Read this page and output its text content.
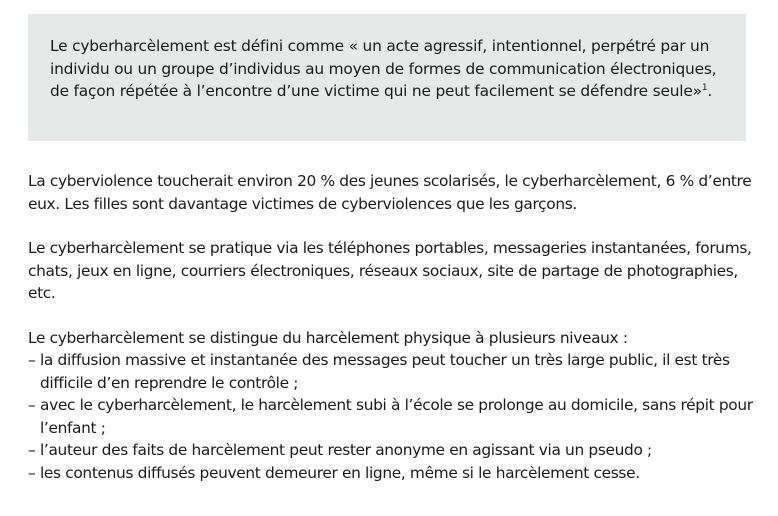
Le cyberharcèlement est défini comme « un acte agressif, intentionnel, perpétré par un individu ou un groupe d’individus au moyen de formes de communication électroniques, de façon répétée à l’encontre d’une victime qui ne peut facilement se défendre seule»$^1$.

La cyberviolence toucherait environ 20 % des jeunes scolarisés, le cyberharcèlement, 6 % d’entre eux. Les filles sont davantage victimes de cyberviolences que les garçons.

Le cyberharcèlement se pratique via les téléphones portables, messageries instantanées, forums, chats, jeux en ligne, courriers électroniques, réseaux sociaux, site de partage de photographies, etc.

Le cyberharcèlement se distingue du harcèlement physique à plusieurs niveaux :

– la diffusion massive et instantanée des messages peut toucher un très large public, il est très difficile d’en reprendre le contrôle ;
– avec le cyberharcèlement, le harcèlement subi à l’école se prolonge au domicile, sans répit pour l’enfant ;
– l’auteur des faits de harcèlement peut rester anonyme en agissant via un pseudo ;
– les contenus diffusés peuvent demeurer en ligne, même si le harcèlement cesse.
